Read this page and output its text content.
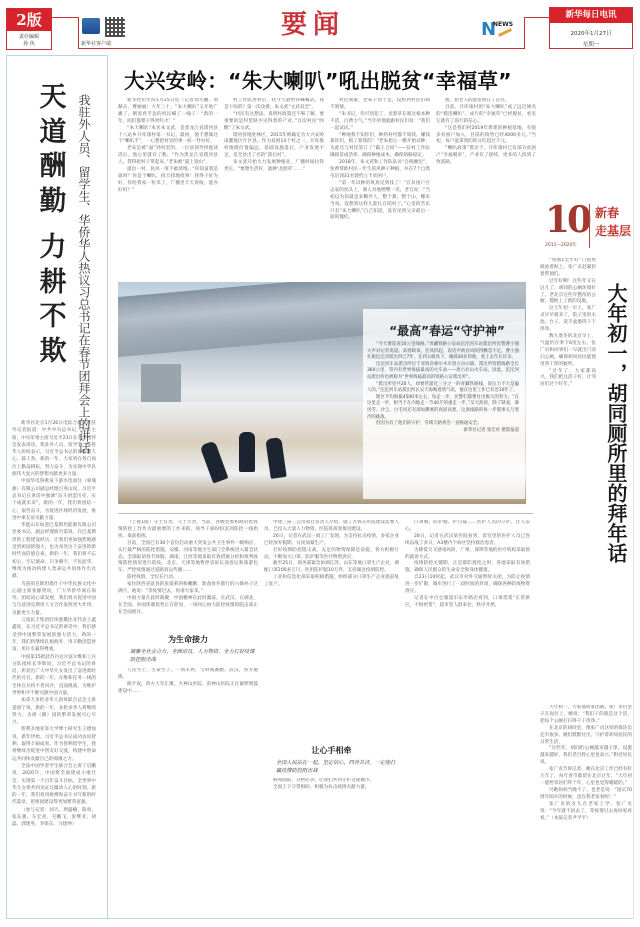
2版
责任编辑
孙 侠	新华社客户端
要闻	N
NEWS
新华每日电讯
2020年1月27日
星期一
天
道
酬
勤
力
耕
不
欺 我驻外人员、留学生、华侨华人热议习总书记在春节团拜会上的讲话

新华社北京1月26日电综合新华社驻外记者报道：中共中央总书记、国家主席、中央军委主席习近平23日在春节团拜会发表讲话。我驻外人员、留学生、华侨华人纷纷表示，习近平总书记的讲话暖人心、鼓干劲，新的一年，大家将在各自岗位上勤奋耕耘，努力奋斗，为实现中华民族伟大复兴的梦想贡献更多力量。

中国华电鲁歌泉下游水电项目（柬埔寨）有限公司副总经理吕英山说，习近平总书记在讲话中强调“奋斗创造历史，实干成就未来”，新的一年，我们将团结一心，艰苦奋斗，为促进区域经济发展，推进中柬友谊贡献力量。

华能山东如意巴基斯坦能源有限公司党委书记、副总经理陈竹第说，在巴基斯坦的工程建设经历，让我们更加强烈地感受到祖国的强大，也为身处这个奋进的新时代而倍感自豪。新的一年，我们将不忘初心，牢记使命，只争朝夕，不负韶华，继续为推动构建人类命运共同体作出贡献。

乌兹别克斯坦塔什干中华民族文化中心副主席张静贤说，广大华侨华商在海外，团结同心谋发展，我们将为促进中国与乌兹别克斯坦人文合作发挥更大作用，贡献更大力量。

云南民丰集团驻埃塞俄比亚代表王鑫鑫说，在习近平总书记的讲话中，我们感受到中国繁荣发展的强大活力。新的一年，我们将继续扎根海外，用辛勤创造财富，用汗水赢得尊重。

中国第15批赴苏丹达尔富尔维和工兵分队指挥长李辉说，习近平总书记的讲话，彰显出广大中华儿女发出了奋进新时代的号召。新的一年，在维和任务一线的全体官兵将不畏风沙，直面挑战，为维护世界和平不断贡献中国力量。

加拿大多伦多华人团体联合总会主席姜国宁说，新的一年，多伦多华人将继续努力，为祖（籍）国的繁荣发展尽心尽力。

智利圣地亚哥大学博士研究生王德仙说，新年伊始，习近平总书记成功访问智利，取得丰硕成果。作为智利留学生，我将继续为促进中智友好交流，构建中智命运共同体贡献自己的绵薄之力。

全法中国学者学生联合会主席丁启鹏说，2020年，中国将全面建成小康社会，实现第一个百年奋斗目标，全世界中华儿女将共同见证这激动人心的时刻。新的一年，我们将用拼搏和奋斗书写新的时代篇章，把祖国建设得更加繁荣富强。

（参与记者：刘天、周盛楠、陈勇、张东强、车宏亮、毛鹏飞、张继业、胡磊、郭建英、李保东、马建坤）

大兴安岭：“朱大喇叭”吼出脱贫“幸福草”

新华社哈尔滨1月25日电（记者刘大鹏、刘赫垚、曹丽丽）大年三十，“朱大喇叭”又开始广播了。朝着看手边的村民喊了一嗓子：“新的一年，咱们都要干得更红火！”

“朱大喇叭”本名朱文武，是黑龙江省塔河县十八站乡开库康村第一书记。最初，他不想做这个“喇叭手”，一心想把村里的事一桩一件办好。

老朱是被“逼”到村里的。一位县领导找他谈话后，他心里就有了数。“作为黑龙江省塔河县人，我得把村子带起来。”老朱被“逼上梁山”。

提出一村，民风一度不敢恭维。“你知道我是谁吗？你是个喇叭，找天找地找事！我得干好为好，你哈我家一粒米了，广播里天天说啥，能办好吗？”

村工作队进村后，我今天就给你喊喊话，我是干啥的？第一次攻难，朱文武“文武双全”。

“村民有这想法，说明村政策还不够了解，要重要的是村里缺少见得着的产业。”这次村民“吵醒”了朱文武。

塔河县地处林区，2015年被确定为大兴安岭南麓地区片区县。作为贫困14个村之一，开库康村地理位置偏远，基础设施落后，产业发展不足，是全县出了名的“落后村”。

朱文武开始大力发展种植业，广播时间拉得更长，“要想生活好，就种‘龙胆草’……”

村民商量，老朱干劲十足，没想到村民们却不领情。

“朱书记，你可别犯了，龙胆草在咱这根本种不活，白费力气。”当年的他就跟村民们说：“我们一起试试。”

“种地我不知你们，种药村村都不知我。赚钱靠你们，赔了算我的！”老朱把心一横开始试种，为此还与村民签订了“霸王合同”——驻村工作队确保苗成活率，确保种植成本，确保销路稳定。

2018年，朱文武和工作队队员“自掏腰包”，免费帮助村民一年生的风种子种植，并在7个自然屯培训31名建档立卡贫困户。

“第一年试种的风真见到钱了！”在贫困户召志家的炕头上，满人对他嘿嘿一笑。老召说：“当初以为你就是来糊弄人，整个寨，整个山，哪来当真。没想到这样儿能扎在咱村了。”心里的苦乐只有“朱大喇叭”自己知道，没有见到父亲最后一面的愧疚。

他，把老人的愿望放在了首位。

目前，开库康村的“朱大喇叭”成了远近闻名的“模范喇叭”，成片的“幸福草”已经脱贫，看见它就有了前行的信心。

“这是我们村2019年新建的种植基地，有很多贫困户加入，目前的销售已经4000多元。”当初，每户能拿到的的分红超过千元。

“喇叭政策”带动下，开库康村已有部分贫困户“幸福脱贫”，产业有了接续，更多的人找到了致富路。

“最高”春运“守护神”

“今天要巡查10公里线路。”青藏铁路公安局沱沱河车站派出所民警曹小强大声对记者说道。高寒缺氧、狂风四起，说话声被吞风吹得飘忽不定。曹小强扎根沱沱河派出所已7年，在四五级风下，刚满30岁的他，看上去年长许多。

沱沱河车站派出所位于青海省格尔木市唐古拉山镇，派出所管辖线路全长360公里，管内有世界海拔最高的火车站——唐古拉山火车站。因此，沱沱河站派出所也被称为“世界海拔最高的铁路公安派出所”。

“派出所里共20人，却要管辖近三分之一的青藏铁路线，说压力不大是骗人的。”沱沱河车站派出所长吴天海喝着熬气说，他在这里工作已有近10年了。

辖区平均海拔4500米左右，每走一步，民警们都要付出极大的努力。“在这里走一步，相当于在内地走一节40斤的重走一步。”吴天海说，除了缺氧，暴风雪、沙尘，白毛风还有深如渊底的高原高寒，这条线路的每一步都事关与寒冷的挑战。

但因为有了他们的守护，雪域天路将会一直畅通安全。

新华社记者 张宏祥 摄影报道

（上接1版）守土有责、守土尽责，当前，各级党委和政府把疫情防控工作作为最重要的工作来抓，领导干部纷纷沉到防控一线指挥，靠前指挥。

目前，全国已有30个省份启动重大突发公共卫生事件一级响应，实行最严格的防控措施。安徽、河南等地卫生部门全系统进入紧急状态，全部取消春节休假。湖南、江西等地采取有效措施分析和预判疫情防控情况进行防疫，北京、天津等地暂停省际长途客运和旅游包车。严控疫情通过道路客运传播……

防控疫情，全民在行动。

家住陕西省富县的张爱莉的杨鹏鹏，准备放弃旅行的六婶孙子过满月，他说：“等疫情过去，再请大家来。”

中国力量在此时凝聚，中国精神在此时激荡。在武汉，在湖北，在全国，举国体制优势正在彰显，一场同心协力防控疫情的阻击战正在全面展开。

为生命接力
凝聚全社会合力，全面动员，人力物资，全力打好疫情防控阻击战

人民至上，生命至上。一刻未停，与时间赛跑。武汉，各方驰援。

除夕夜，四方大军汇聚。火神山医院、雷神山医院正在紧锣密鼓建设中……

中建三局三公司项目负责人介绍，施工方将在医院建设需要人员，已投入大量人力物资，医院将高效推进建设。

26日，记者在武汉一间工厂发现，为支持抗击疫情，多家企业已经放弃假期，日夜加紧生产。

打好疫情防控阻击战，充足的物资保障是前提。各方积极行动，不断加大口罩、防护服等医疗物资供应。

截至25日，商务部紧急协调江苏、山东等地口罩生产企业，调配口罩200多万只，医用防护服10万件，支持湖北疫情防控。

工业和信息化部采取积极措施，组织部分口罩生产企业提前复工复产。

让心手相牵
全国人民站在一起，坚定信心，同舟共济，一定能打赢疫情防控阻击战

病毒面前，分秒必争。让我们共同守护这座城市。

全国上下守望相助，积极为抗击疫情贡献力量。

口罩脱、防护服、护目镜……医护人员的守护，让人安心。

28日，记者在武汉某医院看到，诊室里的医护人员已连续奋战了多日，A3楼内个病区坚持救治患者。

为降低交叉感染风险，广州、深圳等地的医疗机构采取预约就诊方式。

疫情防控关键期，正是群防群控之时，各地采取有效措施，确保人民群众的生命安全和身体健康。

自23日10时起，武汉市对外交通暂时关闭，为防止疫情进一步扩散，城市进行了一段时间的封闭，确保各种防疫物资供应。

记者在中百仓储超市东亭路店看到，口罩货架“正常供应，不惧停货”，超市里人群来往，秩序井然。

10
2011—2020年
新春
走基层

“凤凰1全年好”门窗剪纸放着贴上，张广贞赶紧扭着帮他们。

过年好啊！这些年又在这儿了，胡同的公厕环境好了。老北京这些年整改的公厕，都换上了新的设施。

这天年初一早上，张广贞早早就来了，院子里的水池、台子、洗手盆擦得干干净净。

数九寒冬的北京早上，气温仍在零下6度左右。张广贞和同事们一早就出门清扫公厕，确保胡同居民能使用到干净的厕所。

“过年了，大家都高兴。我们把这活干好，让邻居们过个好年。”	大年初一，胡同厕所里的拜年话

大年初一，大家都回家团圆。张广贞仍坚守在岗位上，她说：“我们干的就是这个活，把每个公厕打扫得干干净净。”

在北京的胡同里，像张广贞这样的保洁员还有很多。她们默默付出，守护着胡同居民的日常生活。

“这些年，胡同的公厕越来越干净，设施越来越好，我们老百姓心里也高兴。”附近居民说。

张广贞告诉记者，她在北京工作已经有好几年了，每年春节都留在北京过年。“大年初一能给邻居们拜个年，心里也觉得暖暖的。”

可她妈妈当晚不了，也老是说：“国庆70周年阅兵的时候，也在我老家看呢！”

张广贞的女儿在老家上学。张广贞说：“今年就不回去了，等疫情过去再回家看看。”（本报记者尹平平）
